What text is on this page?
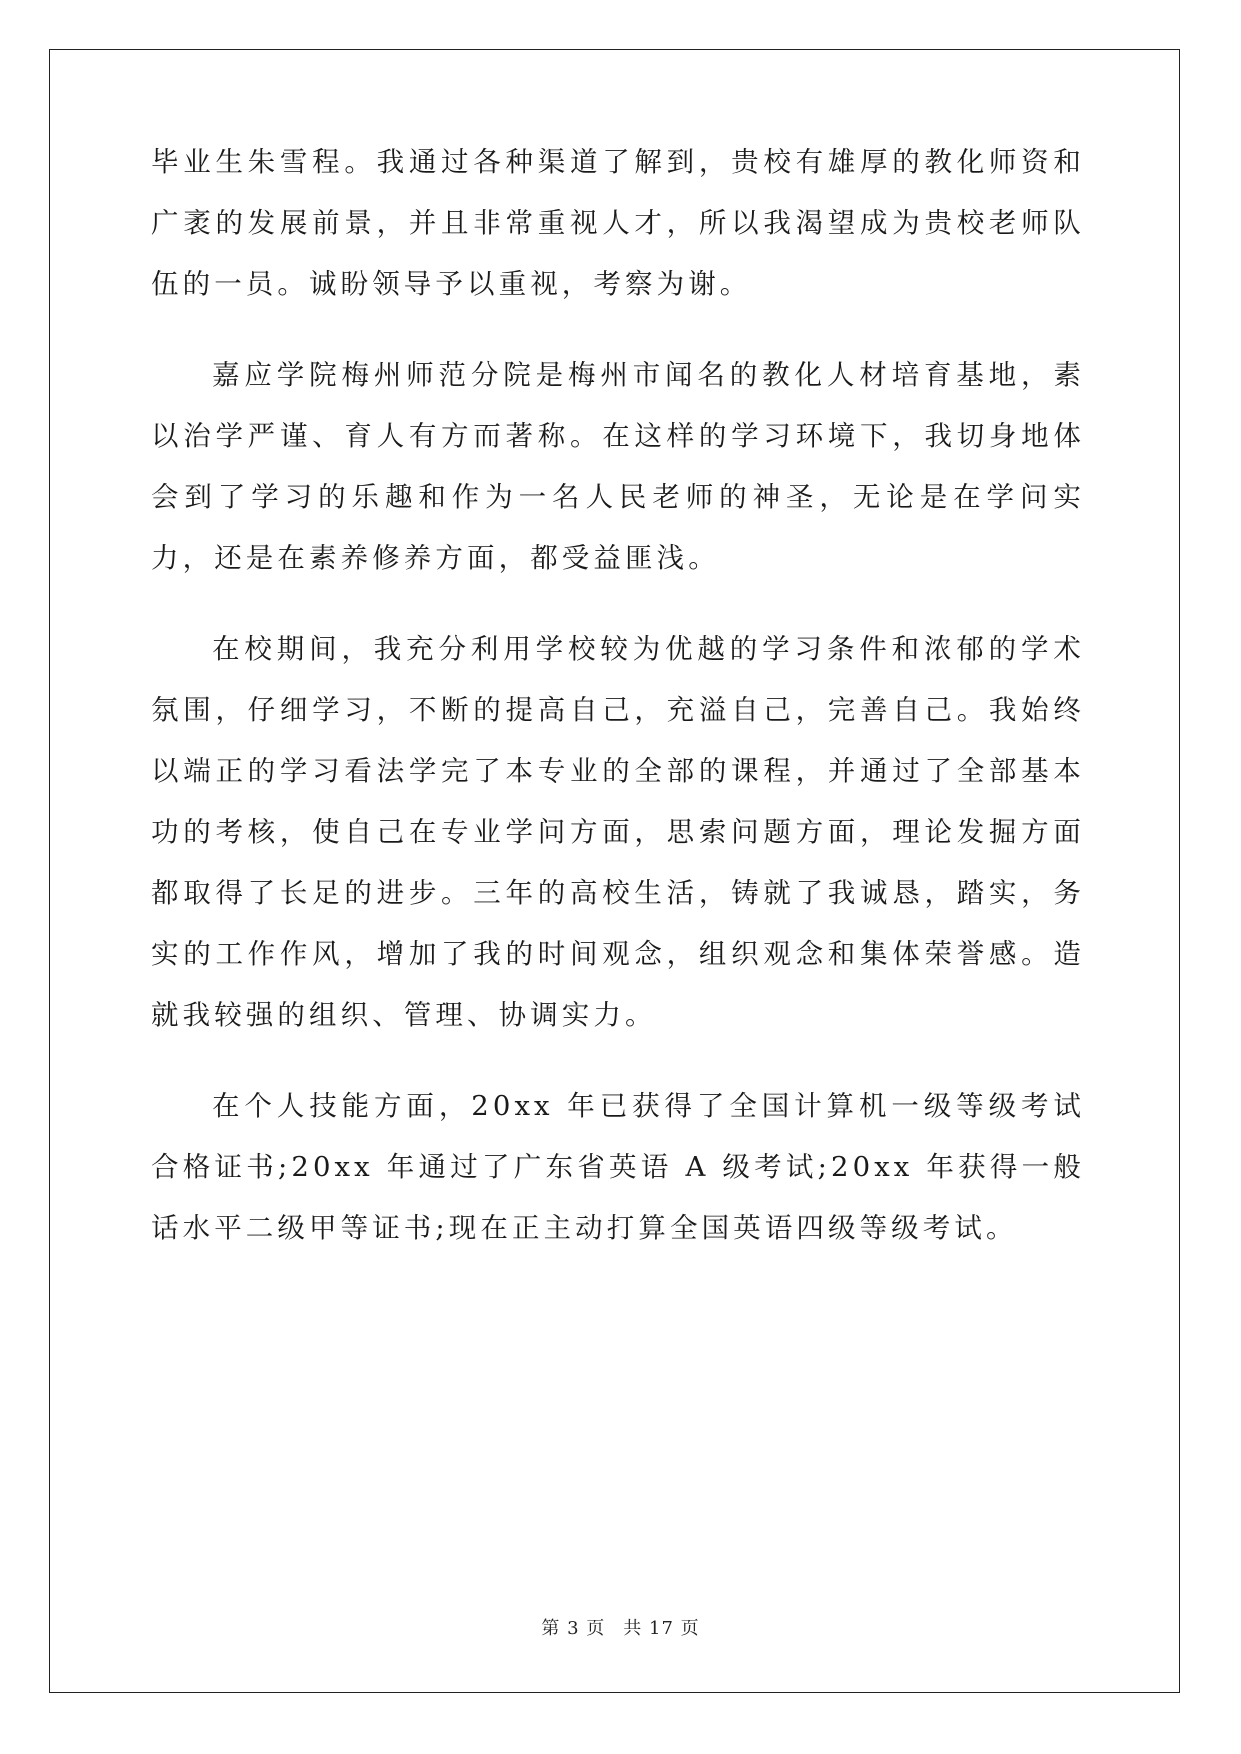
毕业生朱雪程。我通过各种渠道了解到，贵校有雄厚的教化师资和广袤的发展前景，并且非常重视人才，所以我渴望成为贵校老师队伍的一员。诚盼领导予以重视，考察为谢。

嘉应学院梅州师范分院是梅州市闻名的教化人材培育基地，素以治学严谨、育人有方而著称。在这样的学习环境下，我切身地体会到了学习的乐趣和作为一名人民老师的神圣，无论是在学问实力，还是在素养修养方面，都受益匪浅。

在校期间，我充分利用学校较为优越的学习条件和浓郁的学术氛围，仔细学习，不断的提高自己，充溢自己，完善自己。我始终以端正的学习看法学完了本专业的全部的课程，并通过了全部基本功的考核，使自己在专业学问方面，思索问题方面，理论发掘方面都取得了长足的进步。三年的高校生活，铸就了我诚恳，踏实，务实的工作作风，增加了我的时间观念，组织观念和集体荣誉感。造就我较强的组织、管理、协调实力。

在个人技能方面，20xx 年已获得了全国计算机一级等级考试合格证书;20xx 年通过了广东省英语 A 级考试;20xx 年获得一般话水平二级甲等证书;现在正主动打算全国英语四级等级考试。

第 3 页 共 17 页
